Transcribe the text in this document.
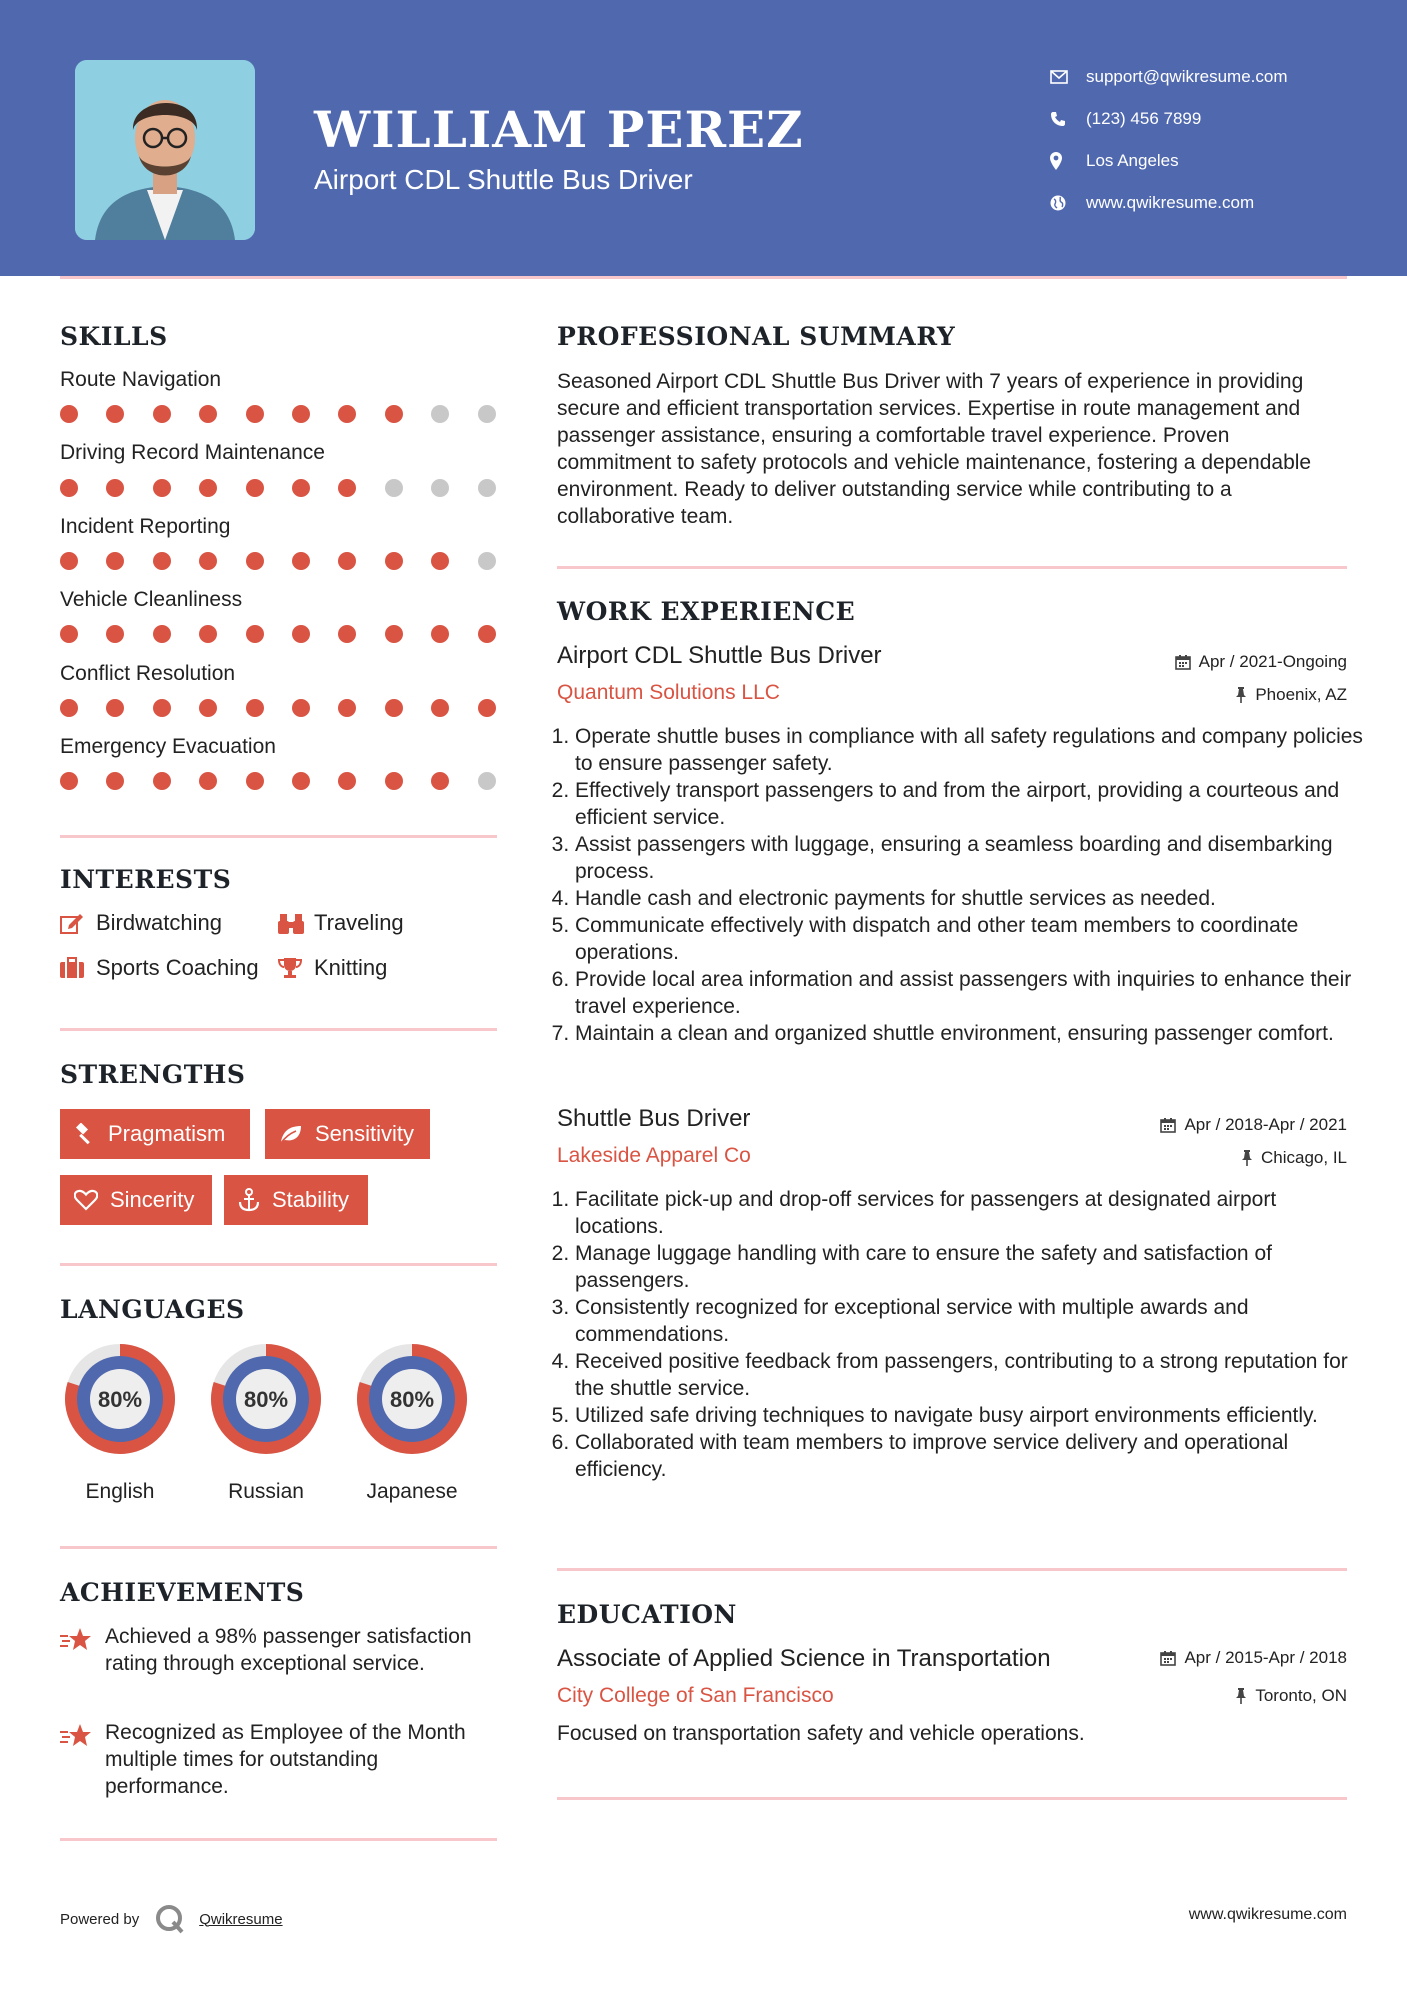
WILLIAM PEREZ
Airport CDL Shuttle Bus Driver
support@qwikresume.com
(123) 456 7899
Los Angeles
www.qwikresume.com
SKILLS
Route Navigation
Driving Record Maintenance
Incident Reporting
Vehicle Cleanliness
Conflict Resolution
Emergency Evacuation
INTERESTS
Birdwatching	Traveling
Sports Coaching	Knitting
STRENGTHS
Pragmatism	Sensitivity
Sincerity	Stability
LANGUAGES
80%
English
80%
Russian
80%
Japanese
ACHIEVEMENTS
Achieved a 98% passenger satisfaction rating through exceptional service.
Recognized as Employee of the Month multiple times for outstanding performance.
PROFESSIONAL SUMMARY
Seasoned Airport CDL Shuttle Bus Driver with 7 years of experience in providing secure and efficient transportation services. Expertise in route management and passenger assistance, ensuring a comfortable travel experience. Proven commitment to safety protocols and vehicle maintenance, fostering a dependable environment. Ready to deliver outstanding service while contributing to a collaborative team.
WORK EXPERIENCE
Airport CDL Shuttle Bus Driver	Apr / 2021-Ongoing
Quantum Solutions LLC	Phoenix, AZ
1. Operate shuttle buses in compliance with all safety regulations and company policies to ensure passenger safety.
2. Effectively transport passengers to and from the airport, providing a courteous and efficient service.
3. Assist passengers with luggage, ensuring a seamless boarding and disembarking process.
4. Handle cash and electronic payments for shuttle services as needed.
5. Communicate effectively with dispatch and other team members to coordinate operations.
6. Provide local area information and assist passengers with inquiries to enhance their travel experience.
7. Maintain a clean and organized shuttle environment, ensuring passenger comfort.
Shuttle Bus Driver	Apr / 2018-Apr / 2021
Lakeside Apparel Co	Chicago, IL
1. Facilitate pick-up and drop-off services for passengers at designated airport locations.
2. Manage luggage handling with care to ensure the safety and satisfaction of passengers.
3. Consistently recognized for exceptional service with multiple awards and commendations.
4. Received positive feedback from passengers, contributing to a strong reputation for the shuttle service.
5. Utilized safe driving techniques to navigate busy airport environments efficiently.
6. Collaborated with team members to improve service delivery and operational efficiency.
EDUCATION
Associate of Applied Science in Transportation	Apr / 2015-Apr / 2018
City College of San Francisco	Toronto, ON
Focused on transportation safety and vehicle operations.
Powered by	Qwikresume	www.qwikresume.com
